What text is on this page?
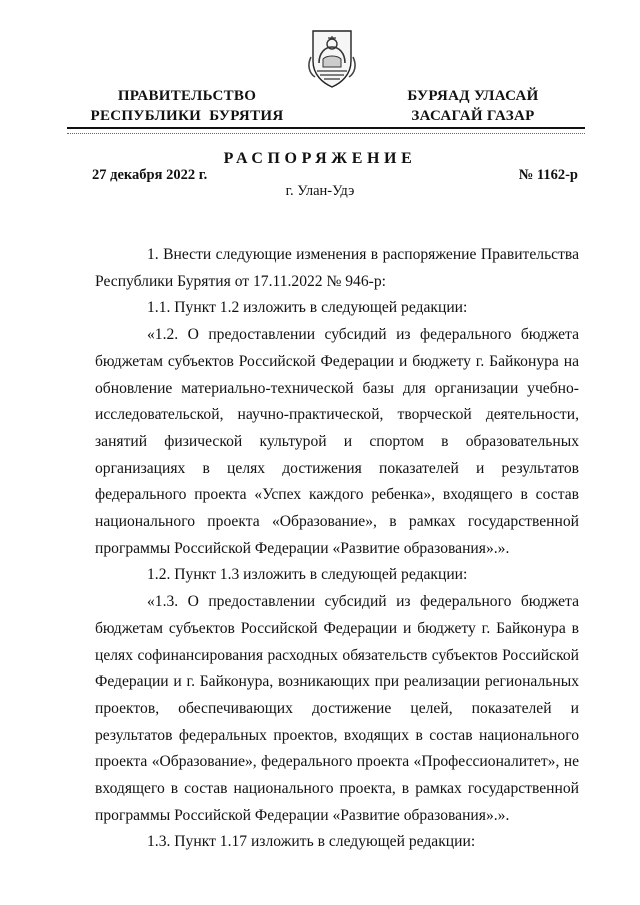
ПРАВИТЕЛЬСТВО
РЕСПУБЛИКИ  БУРЯТИЯ
БУРЯАД УЛАСАЙ
ЗАСАГАЙ ГАЗАР
РАСПОРЯЖЕНИЕ
27 декабря 2022 г.	№ 1162-р
г. Улан-Удэ

1. Внести следующие изменения в распоряжение Правительства Республики Бурятия от 17.11.2022 № 946-р:

1.1. Пункт 1.2 изложить в следующей редакции:

«1.2. О предоставлении субсидий из федерального бюджета бюджетам субъектов Российской Федерации и бюджету г. Байконура на обновление материально-технической базы для организации учебно-исследовательской, научно-практической, творческой деятельности, занятий физической культурой и спортом в образовательных организациях в целях достижения показателей и результатов федерального проекта «Успех каждого ребенка», входящего в состав национального проекта «Образование», в рамках государственной программы Российской Федерации «Развитие образования».».

1.2. Пункт 1.3 изложить в следующей редакции:

«1.3. О предоставлении субсидий из федерального бюджета бюджетам субъектов Российской Федерации и бюджету г. Байконура в целях софинансирования расходных обязательств субъектов Российской Федерации и г. Байконура, возникающих при реализации региональных проектов, обеспечивающих достижение целей, показателей и результатов федеральных проектов, входящих в состав национального проекта «Образование», федерального проекта «Профессионалитет», не входящего в состав национального проекта, в рамках государственной программы Российской Федерации «Развитие образования».».

1.3. Пункт 1.17 изложить в следующей редакции:
